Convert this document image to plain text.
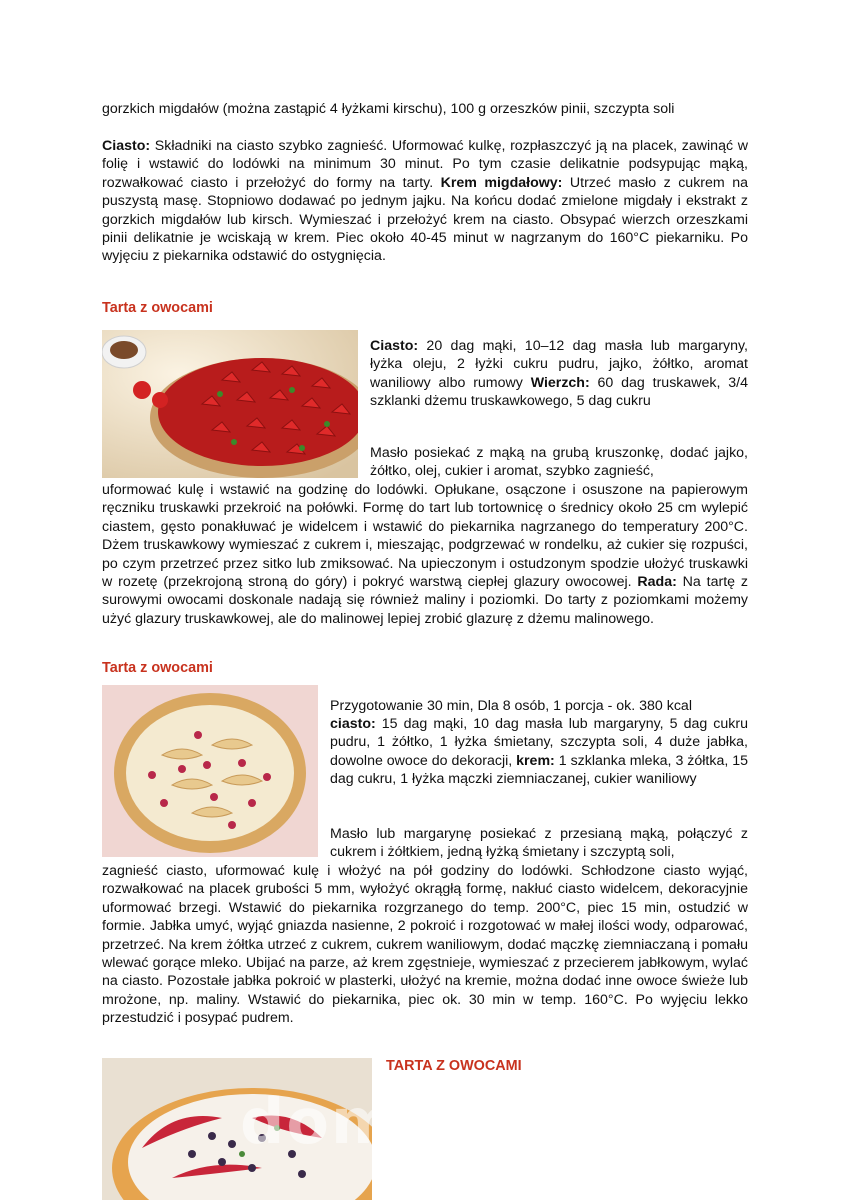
gorzkich migdałów (można zastąpić 4 łyżkami kirschu), 100 g orzeszków pinii, szczypta soli

Ciasto: Składniki na ciasto szybko zagnieść. Uformować kulkę, rozpłaszczyć ją na placek, zawinąć w folię i wstawić do lodówki na minimum 30 minut. Po tym czasie delikatnie podsypując mąką, rozwałkować ciasto i przełożyć do formy na tarty. Krem migdałowy: Utrzeć masło z cukrem na puszystą masę. Stopniowo dodawać po jednym jajku. Na końcu dodać zmielone migdały i ekstrakt z gorzkich migdałów lub kirsch. Wymieszać i przełożyć krem na ciasto. Obsypać wierzch orzeszkami pinii delikatnie je wciskają w krem. Piec około 40-45 minut w nagrzanym do 160°C piekarniku. Po wyjęciu z piekarnika odstawić do ostygnięcia.

Tarta z owocami

Ciasto: 20 dag mąki, 10–12 dag masła lub margaryny, łyżka oleju, 2 łyżki cukru pudru, jajko, żółtko, aromat waniliowy albo rumowy Wierzch: 60 dag truskawek, 3/4 szklanki dżemu truskawkowego, 5 dag cukru

Masło posiekać z mąką na grubą kruszonkę, dodać jajko, żółtko, olej, cukier i aromat, szybko zagnieść,

uformować kulę i wstawić na godzinę do lodówki. Opłukane, osączone i osuszone na papierowym ręczniku truskawki przekroić na połówki. Formę do tart lub tortownicę o średnicy około 25 cm wylepić ciastem, gęsto ponakłuwać je widelcem i wstawić do piekarnika nagrzanego do temperatury 200°C. Dżem truskawkowy wymieszać z cukrem i, mieszając, podgrzewać w rondelku, aż cukier się rozpuści, po czym przetrzeć przez sitko lub zmiksować. Na upieczonym i ostudzonym spodzie ułożyć truskawki w rozetę (przekrojoną stroną do góry) i pokryć warstwą ciepłej glazury owocowej. Rada: Na tartę z surowymi owocami doskonale nadają się również maliny i poziomki. Do tarty z poziomkami możemy użyć glazury truskawkowej, ale do malinowej lepiej zrobić glazurę z dżemu malinowego.

Tarta z owocami

Przygotowanie 30 min, Dla 8 osób, 1 porcja - ok. 380 kcal

ciasto: 15 dag mąki, 10 dag masła lub margaryny, 5 dag cukru pudru, 1 żółtko, 1 łyżka śmietany, szczypta soli, 4 duże jabłka, dowolne owoce do dekoracji, krem: 1 szklanka mleka, 3 żółtka, 15 dag cukru, 1 łyżka mączki ziemniaczanej, cukier waniliowy

Masło lub margarynę posiekać z przesianą mąką, połączyć z cukrem i żółtkiem, jedną łyżką śmietany i szczyptą soli,

zagnieść ciasto, uformować kulę i włożyć na pół godziny do lodówki. Schłodzone ciasto wyjąć, rozwałkować na placek grubości 5 mm, wyłożyć okrągłą formę, nakłuć ciasto widelcem, dekoracyjnie uformować brzegi. Wstawić do piekarnika rozgrzanego do temp. 200°C, piec 15 min, ostudzić w formie. Jabłka umyć, wyjąć gniazda nasienne, 2 pokroić i rozgotować w małej ilości wody, odparować, przetrzeć. Na krem żółtka utrzeć z cukrem, cukrem waniliowym, dodać mączkę ziemniaczaną i pomału wlewać gorące mleko. Ubijać na parze, aż krem zgęstnieje, wymieszać z przecierem jabłkowym, wylać na ciasto. Pozostałe jabłka pokroić w plasterki, ułożyć na kremie, można dodać inne owoce świeże lub mrożone, np. maliny. Wstawić do piekarnika, piec ok. 30 min w temp. 160°C. Po wyjęciu lekko przestudzić i posypać pudrem.

TARTA Z OWOCAMI

domowe.pl
